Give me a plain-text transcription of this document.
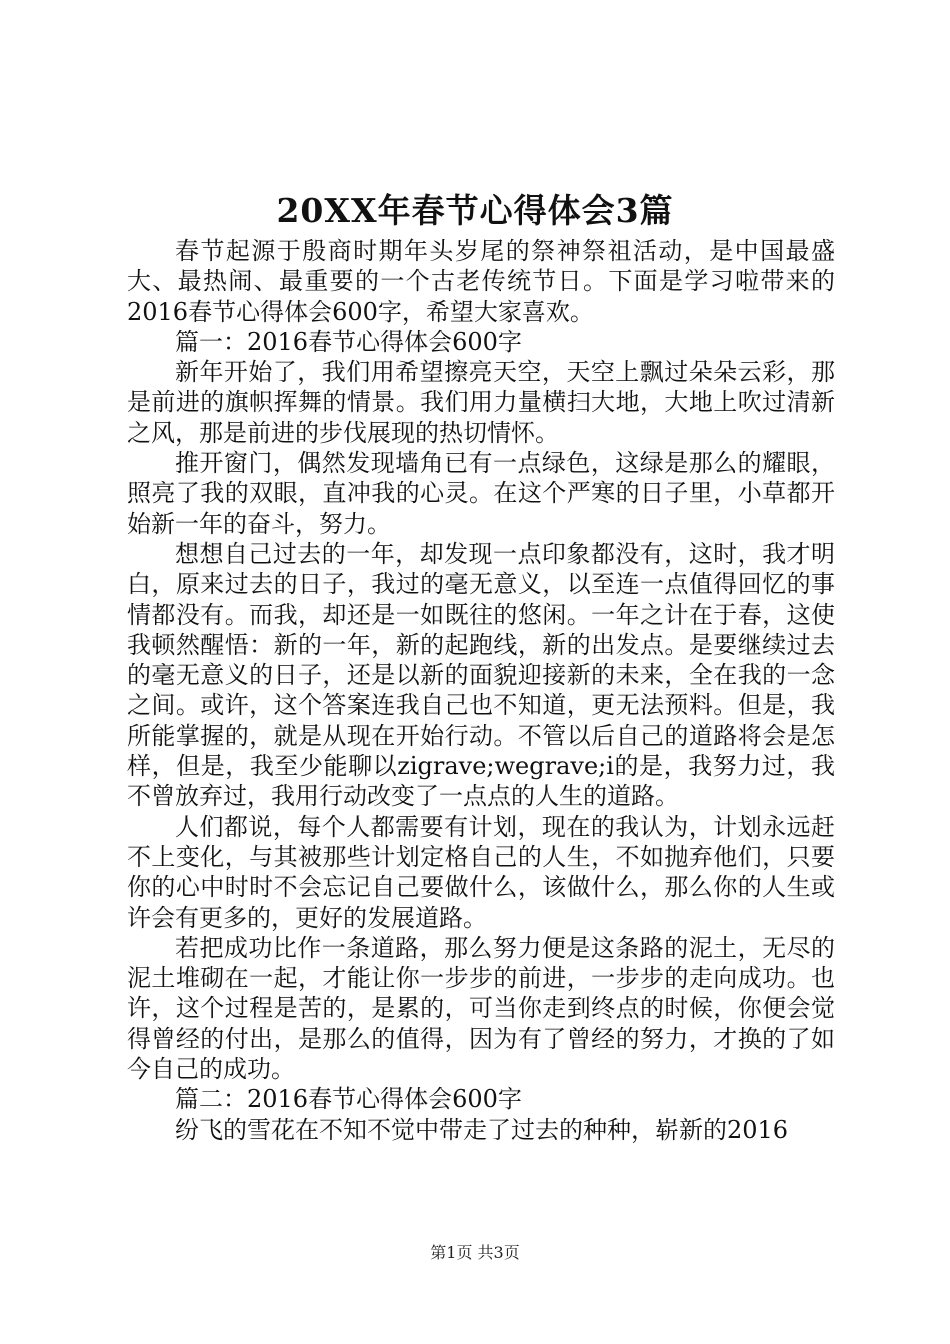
20XX年春节心得体会3篇

春节起源于殷商时期年头岁尾的祭神祭祖活动，是中国最盛大、最热闹、最重要的一个古老传统节日。下面是学习啦带来的2016春节心得体会600字，希望大家喜欢。

篇一：2016春节心得体会600字

新年开始了，我们用希望擦亮天空，天空上飘过朵朵云彩，那是前进的旗帜挥舞的情景。我们用力量横扫大地，大地上吹过清新之风，那是前进的步伐展现的热切情怀。

推开窗门，偶然发现墙角已有一点绿色，这绿是那么的耀眼，照亮了我的双眼，直冲我的心灵。在这个严寒的日子里，小草都开始新一年的奋斗，努力。

想想自己过去的一年，却发现一点印象都没有，这时，我才明白，原来过去的日子，我过的毫无意义，以至连一点值得回忆的事情都没有。而我，却还是一如既往的悠闲。一年之计在于春，这使我顿然醒悟：新的一年，新的起跑线，新的出发点。是要继续过去的毫无意义的日子，还是以新的面貌迎接新的未来，全在我的一念之间。或许，这个答案连我自己也不知道，更无法预料。但是，我所能掌握的，就是从现在开始行动。不管以后自己的道路将会是怎样，但是，我至少能聊以zigrave;wegrave;i的是，我努力过，我不曾放弃过，我用行动改变了一点点的人生的道路。

人们都说，每个人都需要有计划，现在的我认为，计划永远赶不上变化，与其被那些计划定格自己的人生，不如抛弃他们，只要你的心中时时不会忘记自己要做什么，该做什么，那么你的人生或许会有更多的，更好的发展道路。

若把成功比作一条道路，那么努力便是这条路的泥土，无尽的泥土堆砌在一起，才能让你一步步的前进，一步步的走向成功。也许，这个过程是苦的，是累的，可当你走到终点的时候，你便会觉得曾经的付出，是那么的值得，因为有了曾经的努力，才换的了如今自己的成功。

篇二：2016春节心得体会600字

纷飞的雪花在不知不觉中带走了过去的种种，崭新的2016

第1页 共3页
